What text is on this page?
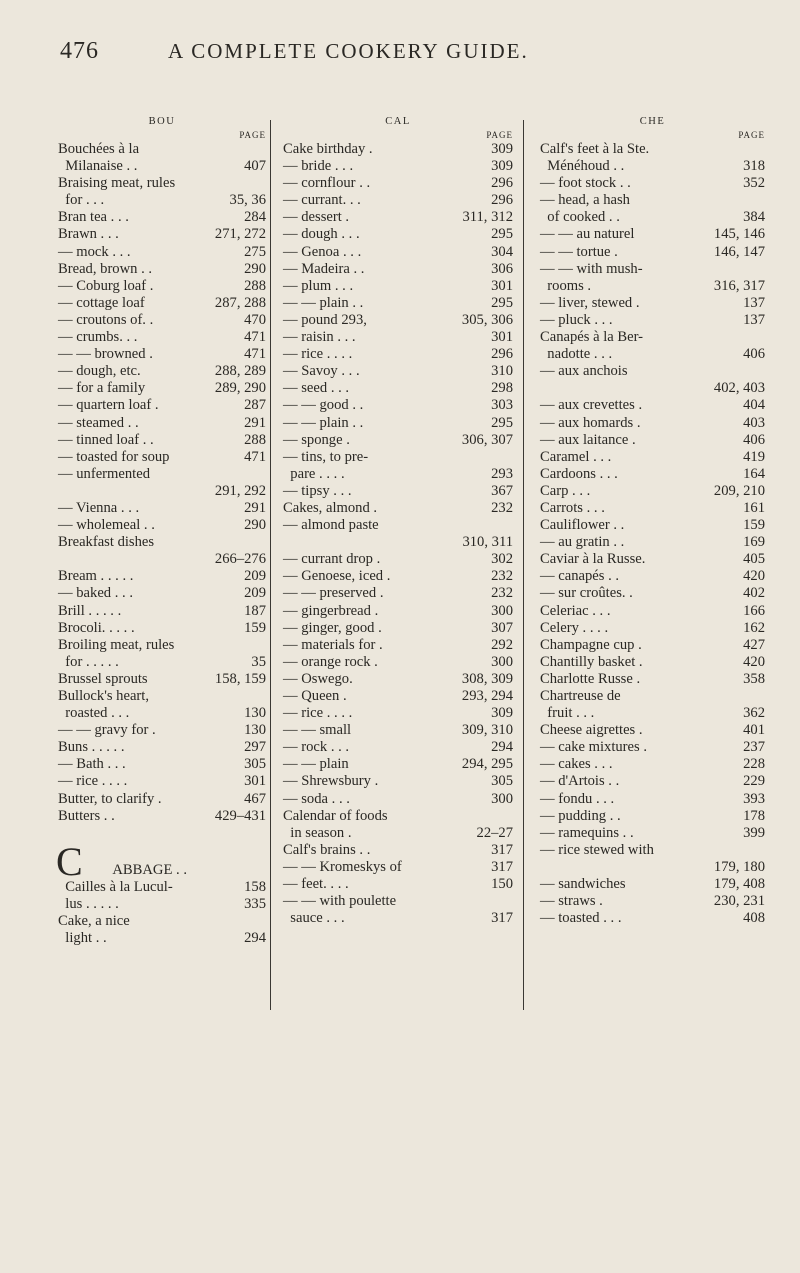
476	A COMPLETE COOKERY GUIDE.
BOU
PAGE
Bouchées à la
407
Milanaise . .
Braising meat, rules
35, 36
for . . .
284
Bran tea . . .
271, 272
Brawn . . .
275
— mock . . .
290
Bread, brown . .
288
— Coburg loaf .
287, 288
— cottage loaf
470
— croutons of. .
471
— crumbs. . .
471
— — browned .
288, 289
— dough, etc.
289, 290
— for a family
287
— quartern loaf .
291
— steamed . .
288
— tinned loaf . .
471
— toasted for soup
— unfermented
291, 292
291
— Vienna . . .
290
— wholemeal . .
Breakfast dishes
266–276
209
Bream . . . . .
209
— baked . . .
187
Brill . . . . .
159
Brocoli. . . . .
Broiling meat, rules
35
for . . . . .
158, 159
Brussel sprouts
Bullock's heart,
130
roasted . . .
130
— — gravy for .
297
Buns . . . . .
305
— Bath . . .
301
— rice . . . .
467
Butter, to clarify .
429–431
Butters . .
C	ABBAGE . .

158

Cailles à la Lucul-
335
lus . . . . .
Cake, a nice
294
light . .
CAL
PAGE
309
Cake birthday .
309
— bride . . .
296
— cornflour . .
296
— currant. . .
311, 312
— dessert .
295
— dough . . .
304
— Genoa . . .
306
— Madeira . .
301
— plum . . .
295
— — plain . .
305, 306
— pound 293,
301
— raisin . . .
296
— rice . . . .
310
— Savoy . . .
298
— seed . . .
303
— — good . .
295
— — plain . .
306, 307
— sponge .
— tins, to pre-
293
pare . . . .
367
— tipsy . . .
232
Cakes, almond .
— almond paste
310, 311
302
— currant drop .
232
— Genoese, iced .
232
— — preserved .
300
— gingerbread .
307
— ginger, good .
292
— materials for .
300
— orange rock .
308, 309
— Oswego.
293, 294
— Queen .
309
— rice . . . .
309, 310
— — small
294
— rock . . .
294, 295
— — plain
305
— Shrewsbury .
300
— soda . . .
Calendar of foods
22–27
in season .
317
Calf's brains . .
317
— — Kromeskys of
150
— feet. . . .
— — with poulette
317
sauce . . .
CHE
PAGE
Calf's feet à la Ste.
318
Ménéhoud . .
352
— foot stock . .
— head, a hash
384
of cooked . .
145, 146
— — au naturel
146, 147
— — tortue .
— — with mush-
316, 317
rooms .
137
— liver, stewed .
137
— pluck . . .
Canapés à la Ber-
406
nadotte . . .
— aux anchois
402, 403
404
— aux crevettes .
403
— aux homards .
406
— aux laitance .
419
Caramel . . .
164
Cardoons . . .
209, 210
Carp . . .
161
Carrots . . .
159
Cauliflower . .
169
— au gratin . .
405
Caviar à la Russe.
420
— canapés . .
402
— sur croûtes. .
166
Celeriac . . .
162
Celery . . . .
427
Champagne cup .
420
Chantilly basket .
358
Charlotte Russe .
Chartreuse de
362
fruit . . .
401
Cheese aigrettes .
237
— cake mixtures .
228
— cakes . . .
229
— d'Artois . .
393
— fondu . . .
178
— pudding . .
399
— ramequins . .
— rice stewed with
179, 180
179, 408
— sandwiches
230, 231
— straws .
408
— toasted . . .
